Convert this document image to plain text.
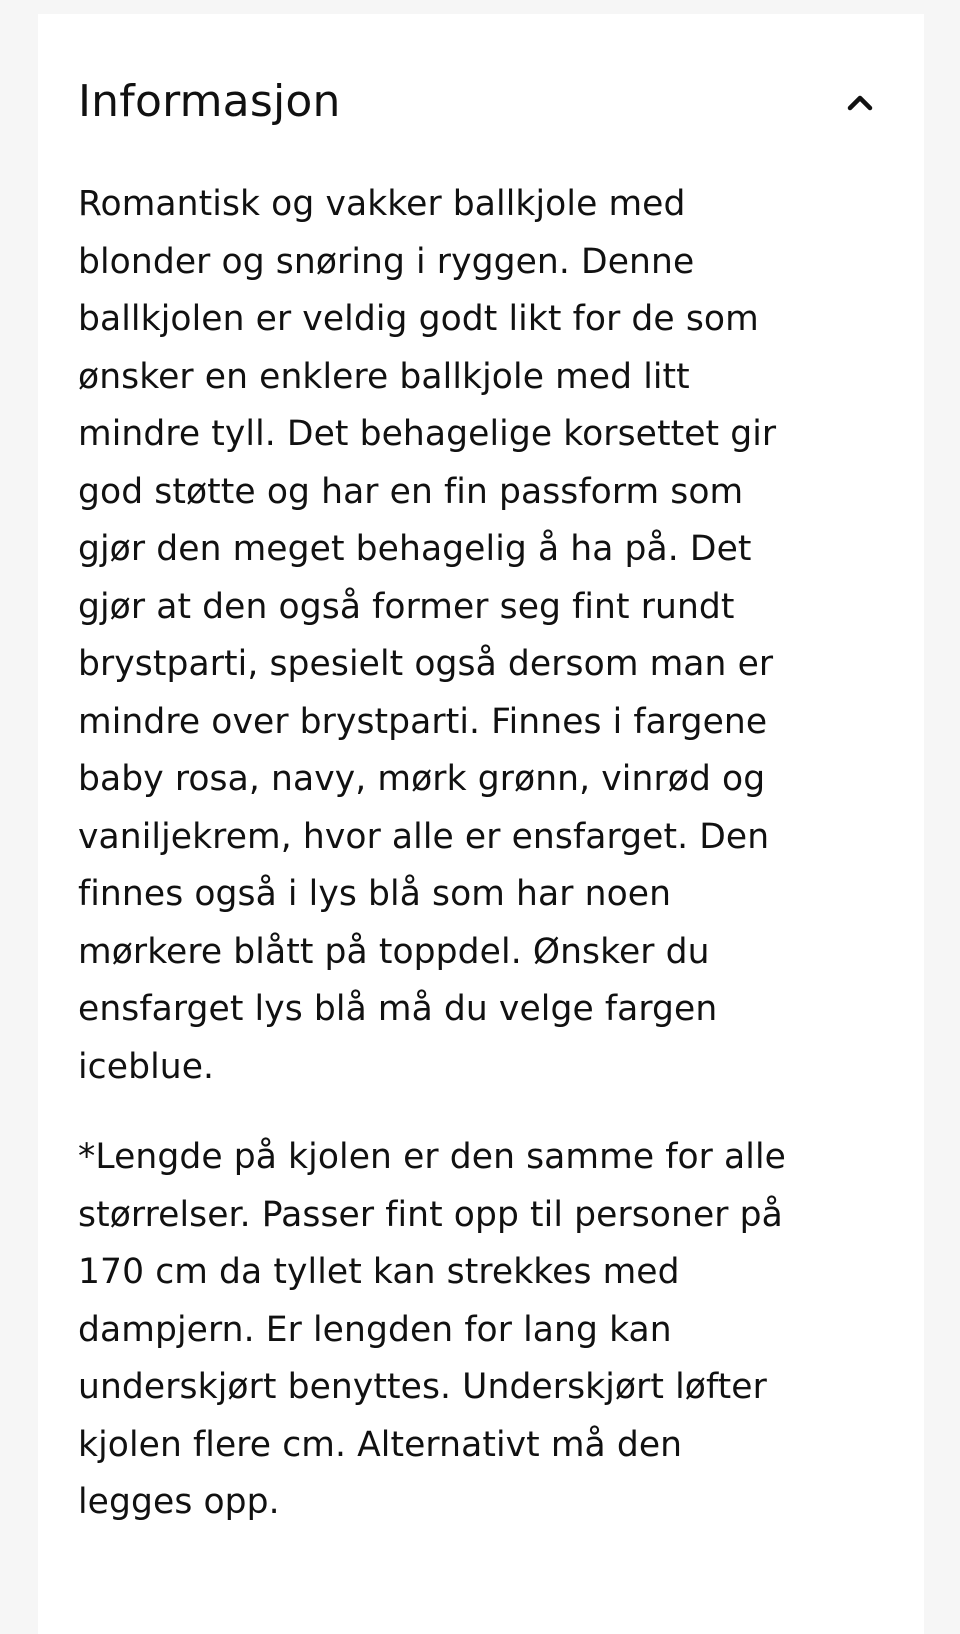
Informasjon

Romantisk og vakker ballkjole med
blonder og snøring i ryggen. Denne
ballkjolen er veldig godt likt for de som
ønsker en enklere ballkjole med litt
mindre tyll. Det behagelige korsettet gir
god støtte og har en fin passform som
gjør den meget behagelig å ha på. Det
gjør at den også former seg fint rundt
brystparti, spesielt også dersom man er
mindre over brystparti. Finnes i fargene
baby rosa, navy, mørk grønn, vinrød og
vaniljekrem, hvor alle er ensfarget. Den
finnes også i lys blå som har noen
mørkere blått på toppdel. Ønsker du
ensfarget lys blå må du velge fargen
iceblue.

*Lengde på kjolen er den samme for alle
størrelser. Passer fint opp til personer på
170 cm da tyllet kan strekkes med
dampjern. Er lengden for lang kan
underskjørt benyttes. Underskjørt løfter
kjolen flere cm. Alternativt må den
legges opp.
